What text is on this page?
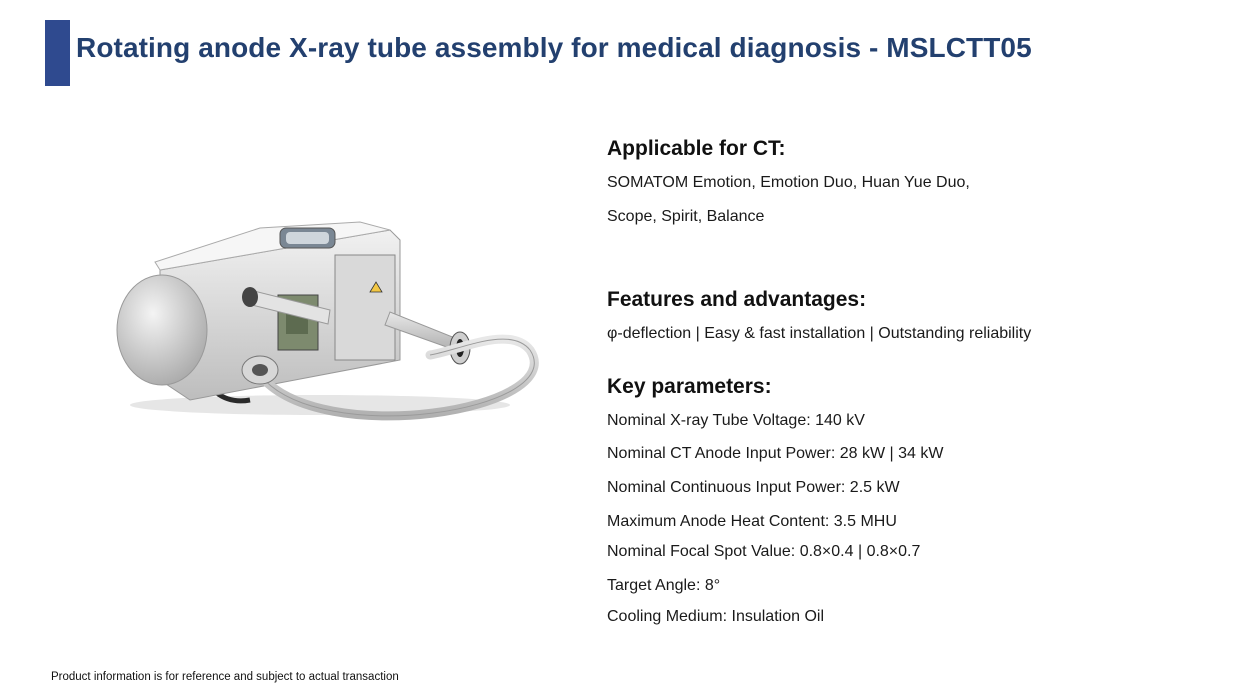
Rotating anode X-ray tube assembly for medical diagnosis - MSLCTT05
Applicable for CT:
SOMATOM Emotion, Emotion Duo, Huan Yue Duo,
Scope, Spirit, Balance
Features and advantages:
φ-deflection | Easy & fast installation | Outstanding reliability
Key parameters:
Nominal X-ray Tube Voltage: 140 kV
Nominal CT Anode Input Power: 28 kW | 34 kW
Nominal Continuous Input Power: 2.5 kW
Maximum Anode Heat Content: 3.5 MHU
Nominal Focal Spot Value: 0.8×0.4 | 0.8×0.7
Target Angle: 8°
Cooling Medium: Insulation Oil
Product information is for reference and subject to actual transaction
